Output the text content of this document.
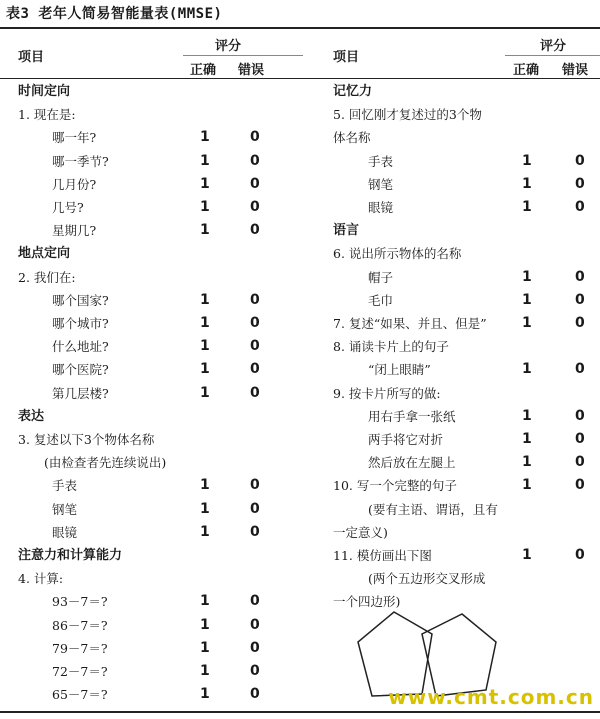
表3 老年人简易智能量表(MMSE)
项目
评分
正确 错误
项目
评分
正确 错误
时间定向
1. 现在是:
哪一年?	1	0
哪一季节?	1	0
几月份?	1	0
几号?	1	0
星期几?	1	0
地点定向
2. 我们在:
哪个国家?	1	0
哪个城市?	1	0
什么地址?	1	0
哪个医院?	1	0
第几层楼?	1	0
表达
3. 复述以下3个物体名称
(由检查者先连续说出)
手表	1	0
钢笔	1	0
眼镜	1	0
注意力和计算能力
4. 计算:
93－7＝?	1	0
86－7＝?	1	0
79－7＝?	1	0
72－7＝?	1	0
65－7＝?	1	0
记忆力
5. 回忆刚才复述过的3个物
体名称
手表	1	0
钢笔	1	0
眼镜	1	0
语言
6. 说出所示物体的名称
帽子	1	0
毛巾	1	0
7. 复述“如果、并且、但是”	1	0
8. 诵读卡片上的句子
“闭上眼睛”	1	0
9. 按卡片所写的做:
用右手拿一张纸	1	0
两手将它对折	1	0
然后放在左腿上	1	0
10. 写一个完整的句子	1	0
(要有主语、谓语，且有
一定意义)
11. 模仿画出下图	1	0
(两个五边形交叉形成
一个四边形)
www.cmt.com.cn
